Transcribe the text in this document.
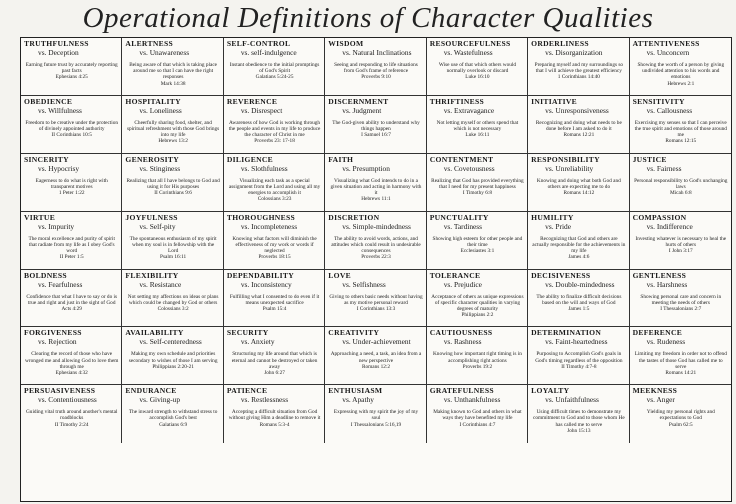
Operational Definitions of Character Qualities
TRUTHFULNESS
vs. Deception
Earning future trust by accurately reporting past facts
Ephesians 4:25
ALERTNESS
vs. Unawareness
Being aware of that which is taking place around me so that I can have the right responses
Mark 14:38
SELF-CONTROL
vs. self-indulgence
Instant obedience to the initial promptings of God's Spirit
Galatians 5:24-25
WISDOM
vs. Natural Inclinations
Seeing and responding to life situations from God's frame of reference
Proverbs 9:10
RESOURCEFULNESS
vs. Wastefulness
Wise use of that which others would normally overlook or discard
Luke 16:10
ORDERLINESS
vs. Disorganization
Preparing myself and my surroundings so that I will achieve the greatest efficiency
1 Corinthians 14:40
ATTENTIVENESS
vs. Unconcern
Showing the worth of a person by giving undivided attention to his words and emotions
Hebrews 2:1
OBEDIENCE
vs. Willfulness
Freedom to be creative under the protection of divinely appointed authority
II Corinthians 10:5
HOSPITALITY
vs. Loneliness
Cheerfully sharing food, shelter, and spiritual refreshment with those God brings into my life
Hebrews 13:2
REVERENCE
vs. Disrespect
Awareness of how God is working through the people and events in my life to produce the character of Christ in me
Proverbs 23: 17-18
DISCERNMENT
vs. Judgment
The God-given ability to understand why things happen
I Samuel 16:7
THRIFTINESS
vs. Extravagance
Not letting myself or others spend that which is not necessary
Luke 16:11
INITIATIVE
vs. Unresponsiveness
Recognizing and doing what needs to be done before I am asked to do it
Romans 12:21
SENSITIVITY
vs. Callousness
Exercising my senses so that I can perceive the true spirit and emotions of those around me
Romans 12:15
SINCERITY
vs. Hypocrisy
Eagerness to do what is right with transparent motives
1 Peter 1:22
GENEROSITY
vs. Stinginess
Realizing that all I have belongs to God and using it for His purposes
II Corinthians 9:6
DILIGENCE
vs. Slothfulness
Visualizing each task as a special assignment from the Lord and using all my energies to accomplish it
Colossians 3:23
FAITH
vs. Presumption
Visualizing what God intends to do in a given situation and acting in harmony with it
Hebrews 11:1
CONTENTMENT
vs. Covetousness
Realizing that God has provided everything that I need for my present happiness
I Timothy 6:8
RESPONSIBILITY
vs. Unreliability
Knowing and doing what both God and others are expecting me to do
Romans 14:12
JUSTICE
vs. Fairness
Personal responsibility to God's unchanging laws
Micah 6:8
VIRTUE
vs. Impurity
The moral excellence and purity of spirit that radiate from my life as I obey God's word
II Peter 1:5
JOYFULNESS
vs. Self-pity
The spontaneous enthusiasm of my spirit when my soul is in fellowship with the Lord
Psalm 16:11
THOROUGHNESS
vs. Incompleteness
Knowing what factors will diminish the effectiveness of my work or words if neglected
Proverbs 18:15
DISCRETION
vs. Simple-mindedness
The ability to avoid words, actions, and attitudes which could result in undesirable consequences
Proverbs 22:3
PUNCTUALITY
vs. Tardiness
Showing high esteem for other people and their time
Ecclesiastes 3:1
HUMILITY
vs. Pride
Recognizing that God and others are actually responsible for the achievements in my life
James 4:6
COMPASSION
vs. Indifference
Investing whatever is necessary to heal the hurts of others
I John 3:17
BOLDNESS
vs. Fearfulness
Confidence that what I have to say or do is true and right and just in the sight of God
Acts 4:29
FLEXIBILITY
vs. Resistance
Not setting my affections on ideas or plans which could be changed by God or others
Colossians 3:2
DEPENDABILITY
vs. Inconsistency
Fulfilling what I consented to do even if it means unexpected sacrifice
Psalm 15:4
LOVE
vs. Selfishness
Giving to others basic needs without having as my motive personal reward
I Corinthians 13:3
TOLERANCE
vs. Prejudice
Acceptance of others as unique expressions of specific character qualities in varying degrees of maturity
Philippians 2:2
DECISIVENESS
vs. Double-mindedness
The ability to finalize difficult decisions based on the will and ways of God
James 1:5
GENTLENESS
vs. Harshness
Showing personal care and concern in meeting the needs of others
I Thessalonians 2:7
FORGIVENESS
vs. Rejection
Clearing the record of those who have wronged me and allowing God to love them through me
Ephesians 4:32
AVAILABILITY
vs. Self-centeredness
Making my own schedule and priorities secondary to wishes of those I am serving
Philippians 2:20-21
SECURITY
vs. Anxiety
Structuring my life around that which is eternal and cannot be destroyed or taken away
John 6:27
CREATIVITY
vs. Under-achievement
Approaching a need, a task, an idea from a new perspective
Romans 12:2
CAUTIOUSNESS
vs. Rashness
Knowing how important right timing is in accomplishing right actions
Proverbs 19:2
DETERMINATION
vs. Faint-heartedness
Purposing to Accomplish God's goals in God's timing regardless of the opposition
II Timothy 4:7-8
DEFERENCE
vs. Rudeness
Limiting my freedom in order not to offend the tastes of those God has called me to serve
Romans 14:21
PERSUASIVENESS
vs. Contentiousness
Guiding vital truth around another's mental roadblocks
II Timothy 2:24
ENDURANCE
vs. Giving-up
The inward strength to withstand stress to accomplish God's best
Galatians 6:9
PATIENCE
vs. Restlessness
Accepting a difficult situation from God without giving Him a deadline to remove it
Romans 5:3-4
ENTHUSIASM
vs. Apathy
Expressing with my spirit the joy of my soul
I Thessalonians 5:16,19
GRATEFULNESS
vs. Unthankfulness
Making known to God and others in what ways they have benefited my life
I Corinthians 4:7
LOYALTY
vs. Unfaithfulness
Using difficult times to demonstrate my commitment to God and to those whom He has called me to serve
John 15:13
MEEKNESS
vs. Anger
Yielding my personal rights and expectations to God
Psalm 62:5
